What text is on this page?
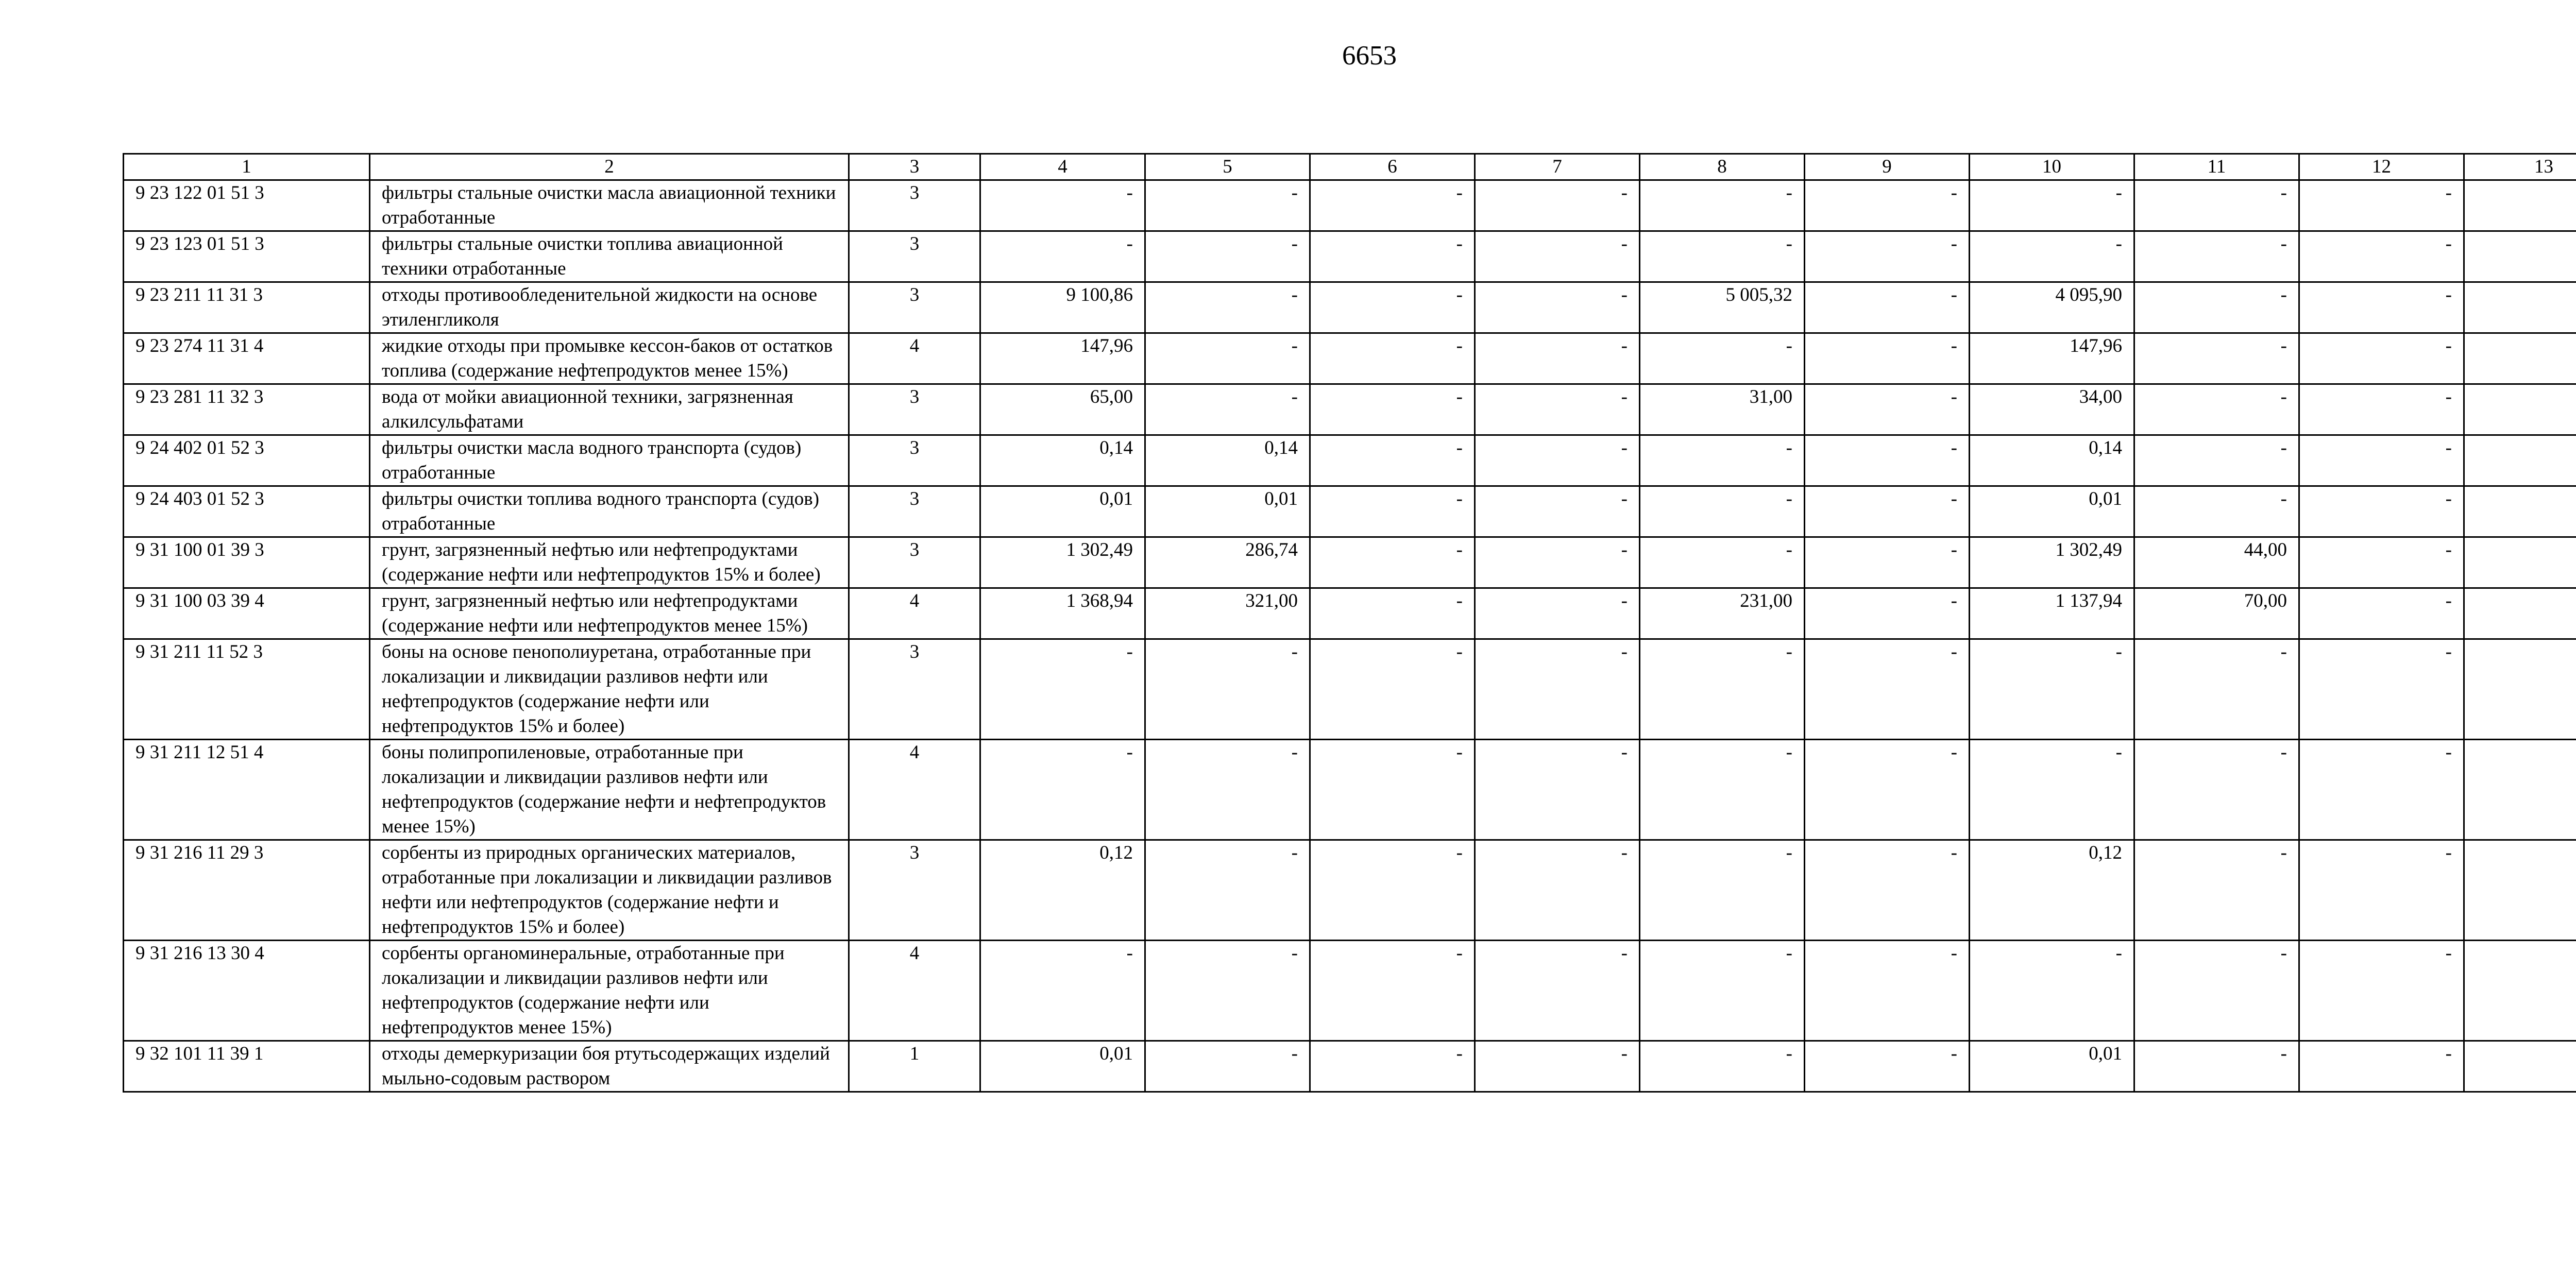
6653
1	2	3	4	5	6	7	8	9	10	11	12	13
9 23 122 01 51 3	фильтры стальные очистки масла авиационной техники отработанные	3	-	-	-	-	-	-	-	-	-	
9 23 123 01 51 3	фильтры стальные очистки топлива авиационной техники отработанные	3	-	-	-	-	-	-	-	-	-	
9 23 211 11 31 3	отходы противообледенительной жидкости на основе этиленгликоля	3	9 100,86	-	-	-	5 005,32	-	4 095,90	-	-	
9 23 274 11 31 4	жидкие отходы при промывке кессон-баков от остатков топлива (содержание нефтепродуктов менее 15%)	4	147,96	-	-	-	-	-	147,96	-	-	
9 23 281 11 32 3	вода от мойки авиационной техники, загрязненная алкилсульфатами	3	65,00	-	-	-	31,00	-	34,00	-	-	
9 24 402 01 52 3	фильтры очистки масла водного транспорта (судов) отработанные	3	0,14	0,14	-	-	-	-	0,14	-	-	
9 24 403 01 52 3	фильтры очистки топлива водного транспорта (судов) отработанные	3	0,01	0,01	-	-	-	-	0,01	-	-	
9 31 100 01 39 3	грунт, загрязненный нефтью или нефтепродуктами (содержание нефти или нефтепродуктов 15% и более)	3	1 302,49	286,74	-	-	-	-	1 302,49	44,00	-	
9 31 100 03 39 4	грунт, загрязненный нефтью или нефтепродуктами (содержание нефти или нефтепродуктов менее 15%)	4	1 368,94	321,00	-	-	231,00	-	1 137,94	70,00	-	
9 31 211 11 52 3	боны на основе пенополиуретана, отработанные при локализации и ликвидации разливов нефти или нефтепродуктов (содержание нефти или нефтепродуктов 15% и более)	3	-	-	-	-	-	-	-	-	-	
9 31 211 12 51 4	боны полипропиленовые, отработанные при локализации и ликвидации разливов нефти или нефтепродуктов (содержание нефти и нефтепродуктов менее 15%)	4	-	-	-	-	-	-	-	-	-	
9 31 216 11 29 3	сорбенты из природных органических материалов, отработанные при локализации и ликвидации разливов нефти или нефтепродуктов (содержание нефти и нефтепродуктов 15% и более)	3	0,12	-	-	-	-	-	0,12	-	-	
9 31 216 13 30 4	сорбенты органоминеральные, отработанные при локализации и ликвидации разливов нефти или нефтепродуктов (содержание нефти или нефтепродуктов менее 15%)	4	-	-	-	-	-	-	-	-	-	
9 32 101 11 39 1	отходы демеркуризации боя ртутьсодержащих изделий мыльно-содовым раствором	1	0,01	-	-	-	-	-	0,01	-	-	
